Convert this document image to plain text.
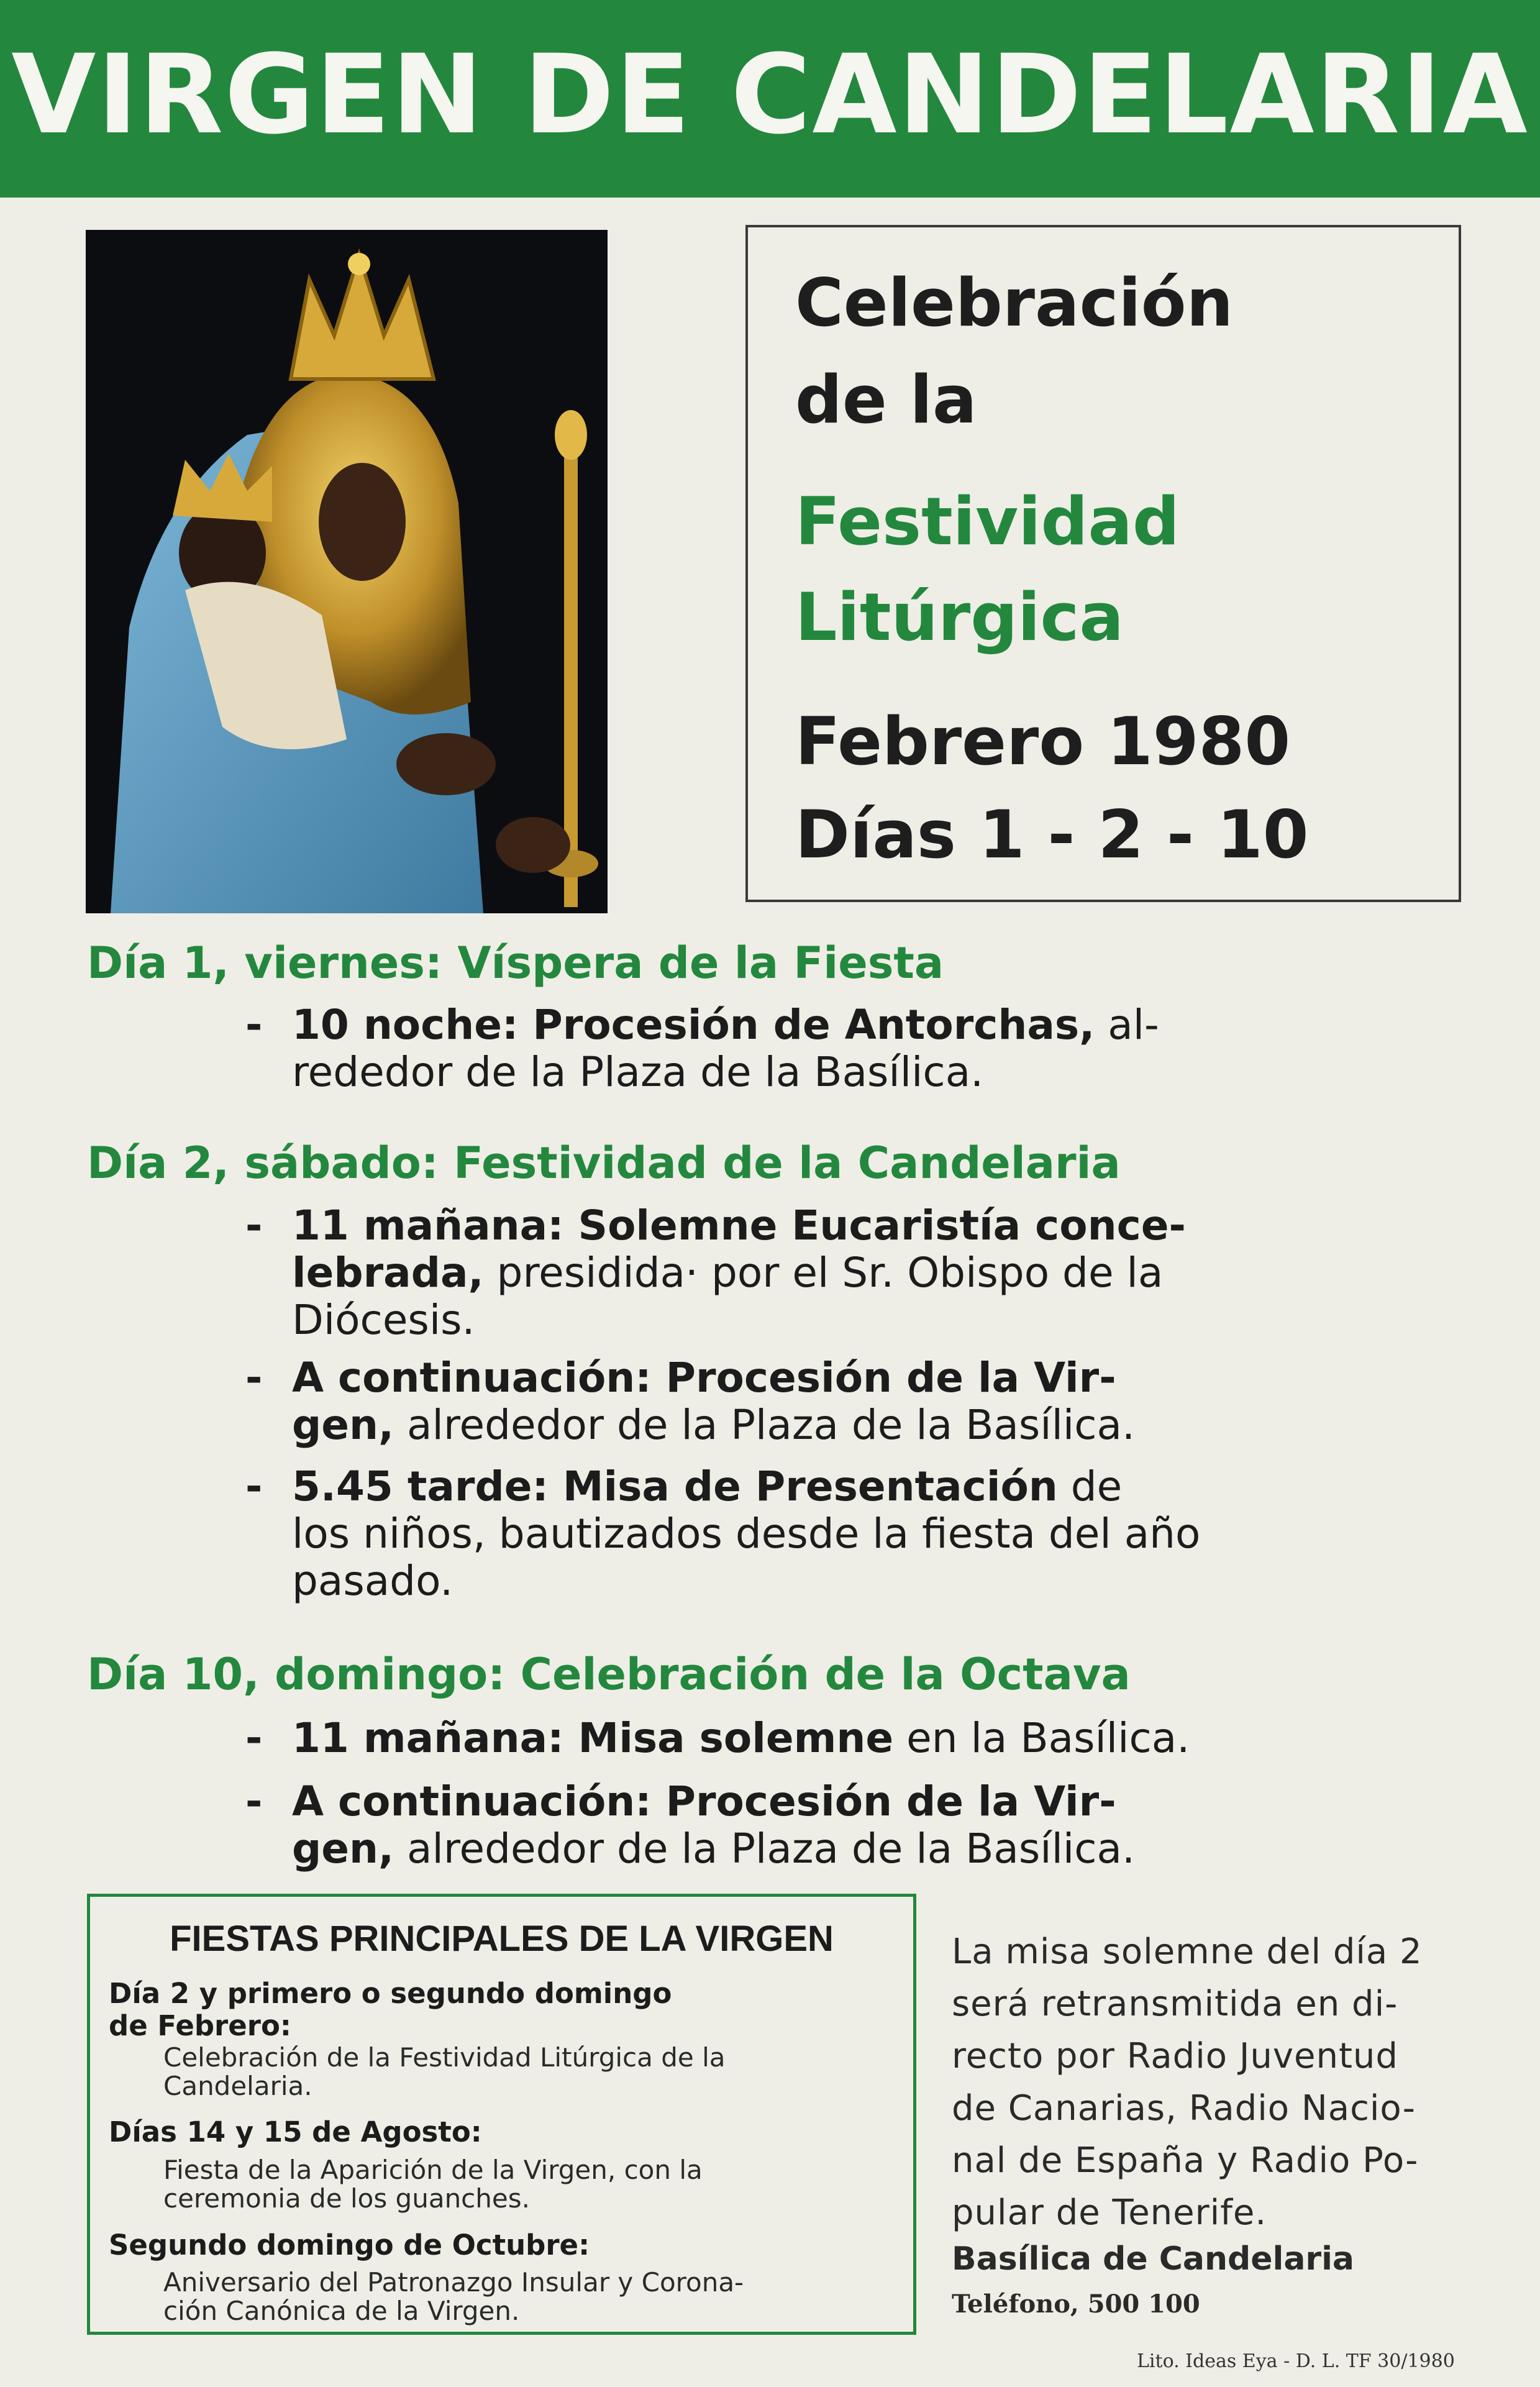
VIRGEN DE CANDELARIA
Celebración
de la
Festividad
Litúrgica
Febrero 1980
Días 1 - 2 - 10
Día 1, viernes: Víspera de la Fiesta
- 10 noche: Procesión de Antorchas, al-
rededor de la Plaza de la Basílica.
Día 2, sábado: Festividad de la Candelaria
- 11 mañana: Solemne Eucaristía conce-
lebrada, presidida· por el Sr. Obispo de la
Diócesis.
- A continuación: Procesión de la Vir-
gen, alrededor de la Plaza de la Basílica.
- 5.45 tarde: Misa de Presentación de
los niños, bautizados desde la fiesta del año
pasado.
Día 10, domingo: Celebración de la Octava
- 11 mañana: Misa solemne en la Basílica.
- A continuación: Procesión de la Vir-
gen, alrededor de la Plaza de la Basílica.
FIESTAS PRINCIPALES DE LA VIRGEN
Día 2 y primero o segundo domingo
de Febrero:
Celebración de la Festividad Litúrgica de la
Candelaria.
Días 14 y 15 de Agosto:
Fiesta de la Aparición de la Virgen, con la
ceremonia de los guanches.
Segundo domingo de Octubre:
Aniversario del Patronazgo Insular y Corona-
ción Canónica de la Virgen.
La misa solemne del día 2
será retransmitida en di-
recto por Radio Juventud
de Canarias, Radio Nacio-
nal de España y Radio Po-
pular de Tenerife.
Basílica de Candelaria
Teléfono, 500 100
Lito. Ideas Eya - D. L. TF 30/1980
